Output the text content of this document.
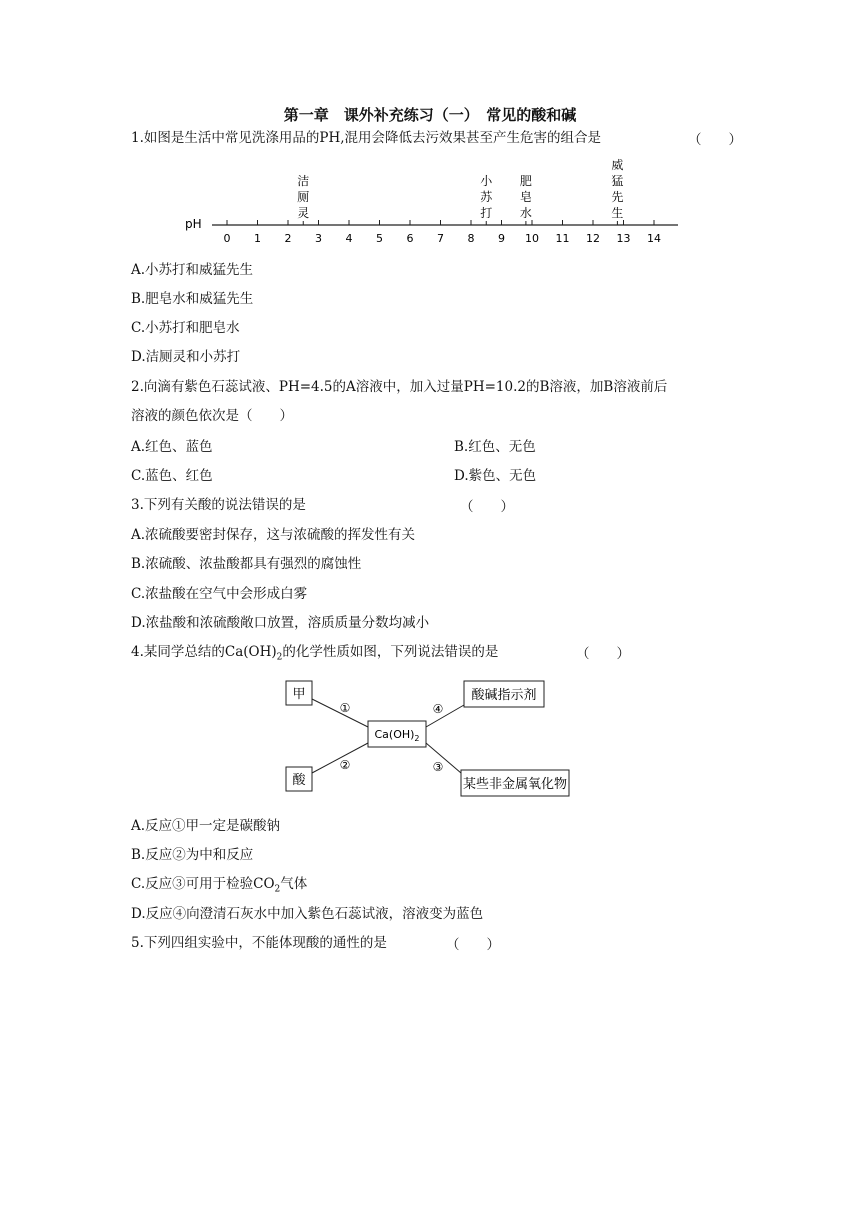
第一章　课外补充练习（一）　常见的酸和碱
1.如图是生活中常见洗涤用品的PH,混用会降低去污效果甚至产生危害的组合是	（　　）
pH
0 1 2 3 4 5 6 7 8 9 10 11 12 13 14
洁
厕
灵
小
苏
打
肥
皂
水
威
猛
先
生
A.小苏打和威猛先生
B.肥皂水和威猛先生
C.小苏打和肥皂水
D.洁厕灵和小苏打
2.向滴有紫色石蕊试液、PH=4.5的A溶液中，加入过量PH=10.2的B溶液，加B溶液前后
溶液的颜色依次是（　　）
A.红色、蓝色	B.红色、无色
C.蓝色、红色	D.紫色、无色
3.下列有关酸的说法错误的是	（　　）
A.浓硫酸要密封保存，这与浓硫酸的挥发性有关
B.浓硫酸、浓盐酸都具有强烈的腐蚀性
C.浓盐酸在空气中会形成白雾
D.浓盐酸和浓硫酸敞口放置，溶质质量分数均减小
4.某同学总结的$Ca(OH)_2$的化学性质如图，下列说法错误的是	（　　）
甲
酸
$Ca(OH)_2$
酸碱指示剂
某些非金属氧化物
①
②	③
④
A.反应①甲一定是碳酸钠
B.反应②为中和反应
C.反应③可用于检验$CO_2$气体
D.反应④向澄清石灰水中加入紫色石蕊试液，溶液变为蓝色
5.下列四组实验中，不能体现酸的通性的是	（　　）
